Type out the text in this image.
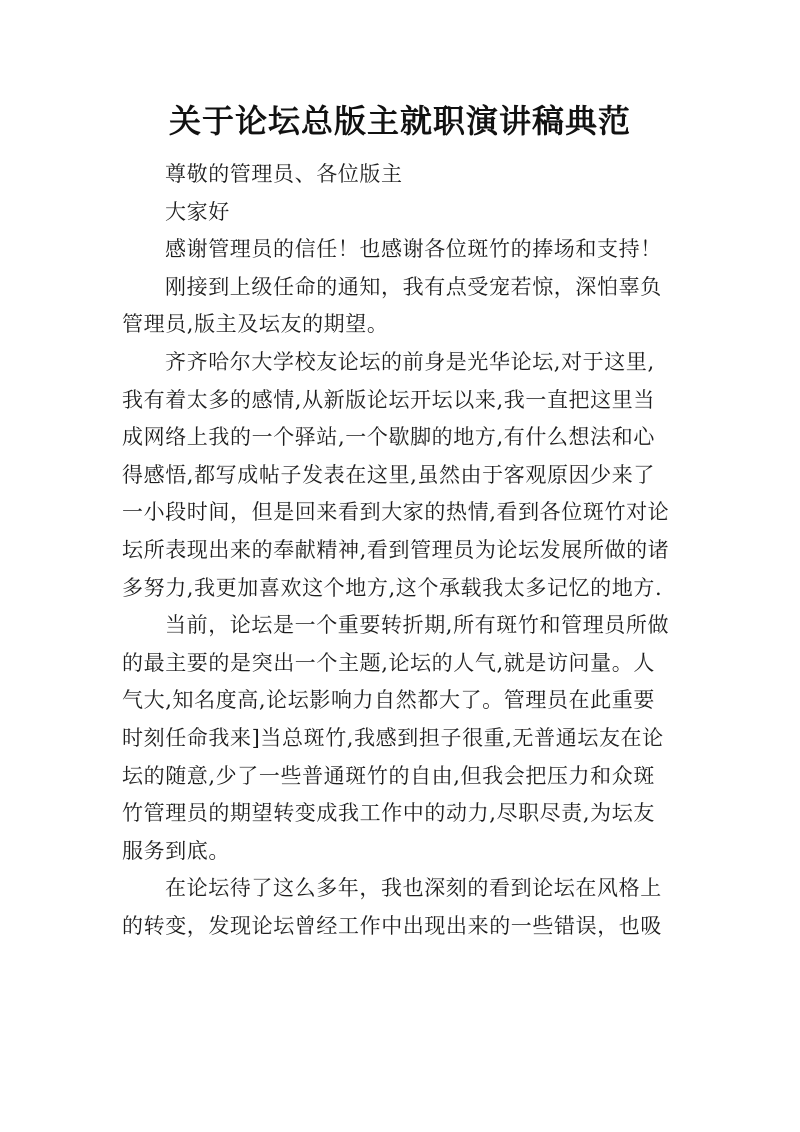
关于论坛总版主就职演讲稿典范
尊敬的管理员、各位版主
大家好
感谢管理员的信任！也感谢各位斑竹的捧场和支持！
刚接到上级任命的通知，我有点受宠若惊，深怕辜负
管理员,版主及坛友的期望。
齐齐哈尔大学校友论坛的前身是光华论坛,对于这里,
我有着太多的感情,从新版论坛开坛以来,我一直把这里当
成网络上我的一个驿站,一个歇脚的地方,有什么想法和心
得感悟,都写成帖子发表在这里,虽然由于客观原因少来了
一小段时间，但是回来看到大家的热情,看到各位斑竹对论
坛所表现出来的奉献精神,看到管理员为论坛发展所做的诸
多努力,我更加喜欢这个地方,这个承载我太多记忆的地方.
当前，论坛是一个重要转折期,所有斑竹和管理员所做
的最主要的是突出一个主题,论坛的人气,就是访问量。人
气大,知名度高,论坛影响力自然都大了。管理员在此重要
时刻任命我来]当总斑竹,我感到担子很重,无普通坛友在论
坛的随意,少了一些普通斑竹的自由,但我会把压力和众斑
竹管理员的期望转变成我工作中的动力,尽职尽责,为坛友
服务到底。
在论坛待了这么多年，我也深刻的看到论坛在风格上
的转变，发现论坛曾经工作中出现出来的一些错误，也吸
